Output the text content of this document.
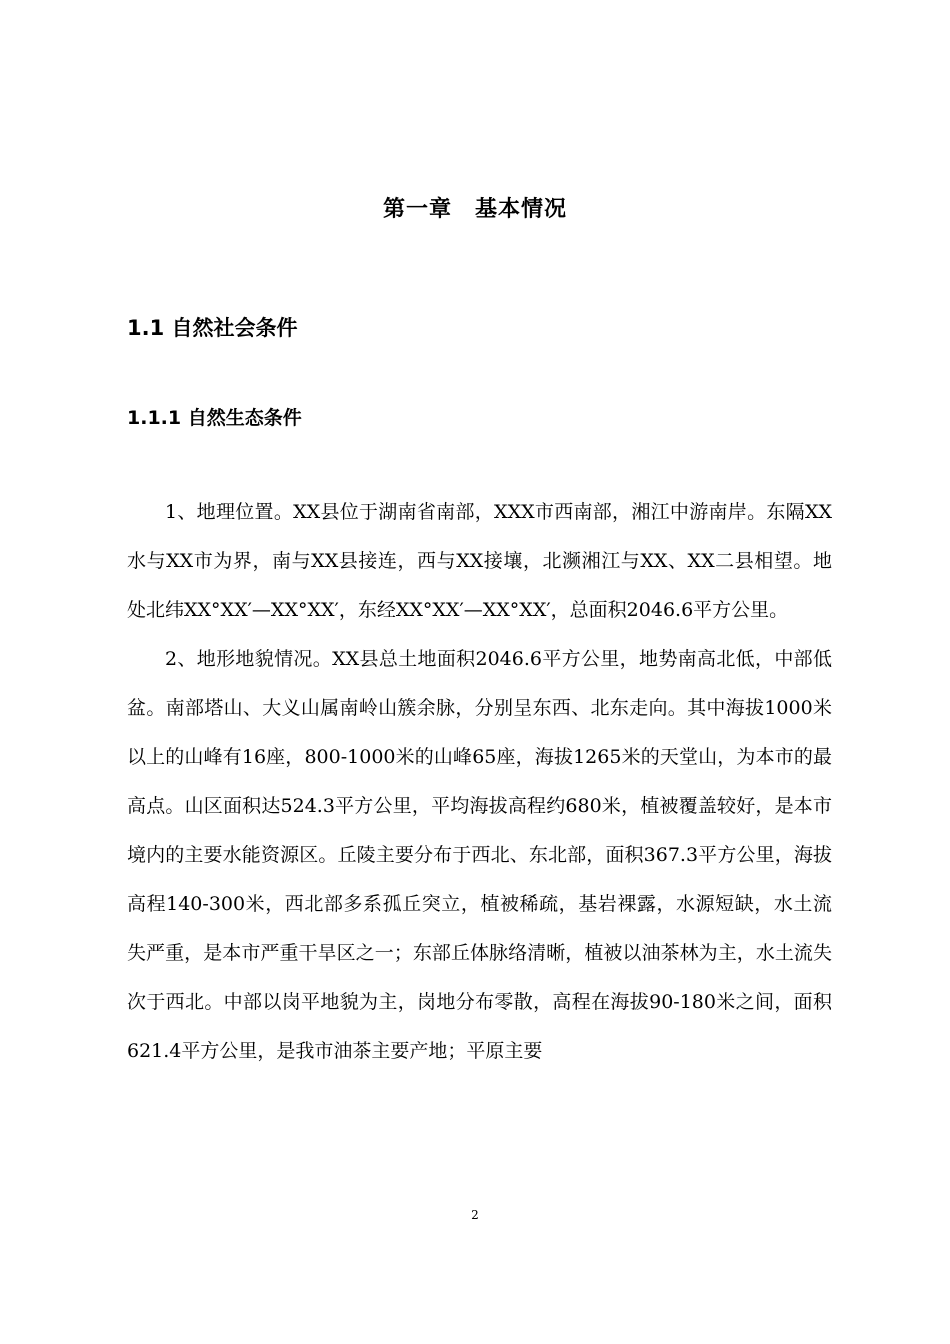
第一章　基本情况
1.1 自然社会条件
1.1.1 自然生态条件

1、地理位置。XX县位于湖南省南部，XXX市西南部，湘江中游南岸。东隔XX水与XX市为界，南与XX县接连，西与XX接壤，北濒湘江与XX、XX二县相望。地处北纬XX°XX′—XX°XX′，东经XX°XX′—XX°XX′，总面积2046.6平方公里。

2、地形地貌情况。XX县总土地面积2046.6平方公里，地势南高北低，中部低盆。南部塔山、大义山属南岭山簇余脉，分别呈东西、北东走向。其中海拔1000米以上的山峰有16座，800-1000米的山峰65座，海拔1265米的天堂山，为本市的最高点。山区面积达524.3平方公里，平均海拔高程约680米，植被覆盖较好，是本市境内的主要水能资源区。丘陵主要分布于西北、东北部，面积367.3平方公里，海拔高程140-300米，西北部多系孤丘突立，植被稀疏，基岩裸露，水源短缺，水土流失严重，是本市严重干旱区之一；东部丘体脉络清晰，植被以油茶林为主，水土流失次于西北。中部以岗平地貌为主，岗地分布零散，高程在海拔90-180米之间，面积621.4平方公里，是我市油茶主要产地；平原主要

2
